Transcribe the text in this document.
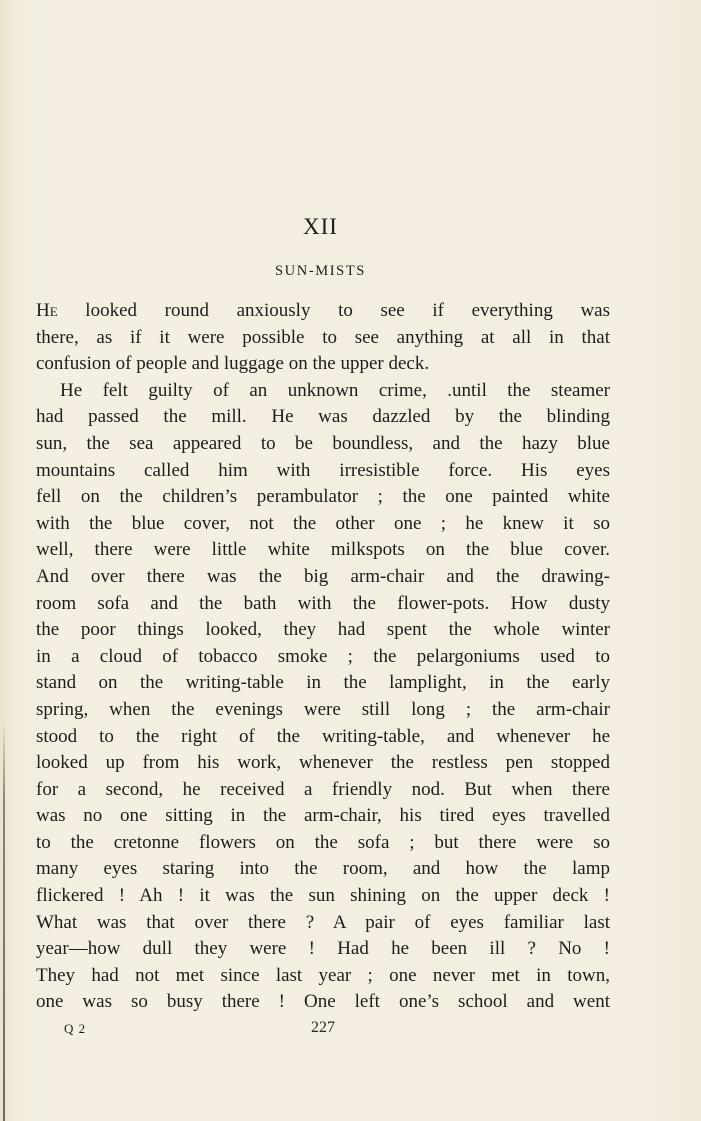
XII
SUN-MISTS
He looked round anxiously to see if everything was
there, as if it were possible to see anything at all in that
confusion of people and luggage on the upper deck.
He felt guilty of an unknown crime, .until the steamer
had passed the mill. He was dazzled by the blinding
sun, the sea appeared to be boundless, and the hazy blue
mountains called him with irresistible force. His eyes
fell on the children’s perambulator ; the one painted white
with the blue cover, not the other one ; he knew it so
well, there were little white milkspots on the blue cover.
And over there was the big arm-chair and the drawing-
room sofa and the bath with the flower-pots. How dusty
the poor things looked, they had spent the whole winter
in a cloud of tobacco smoke ; the pelargoniums used to
stand on the writing-table in the lamplight, in the early
spring, when the evenings were still long ; the arm-chair
stood to the right of the writing-table, and whenever he
looked up from his work, whenever the restless pen stopped
for a second, he received a friendly nod. But when there
was no one sitting in the arm-chair, his tired eyes travelled
to the cretonne flowers on the sofa ; but there were so
many eyes staring into the room, and how the lamp
flickered ! Ah ! it was the sun shining on the upper deck !
What was that over there ? A pair of eyes familiar last
year—how dull they were ! Had he been ill ? No !
They had not met since last year ; one never met in town,
one was so busy there ! One left one’s school and went
Q 2	227
